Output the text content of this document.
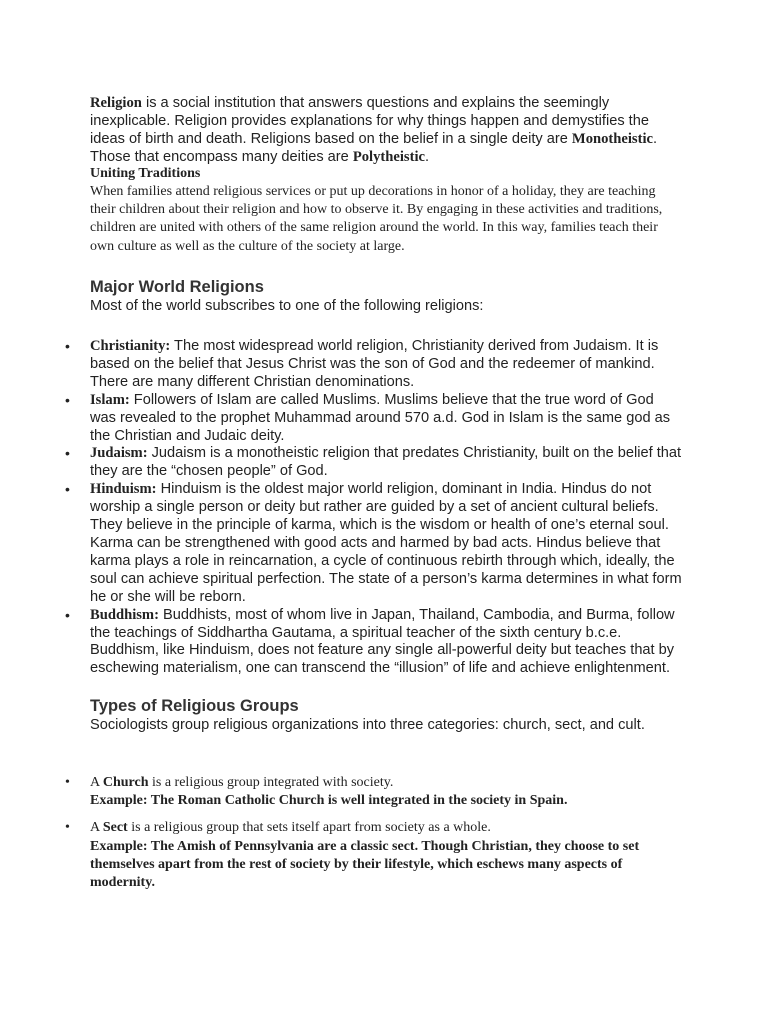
Religion is a social institution that answers questions and explains the seemingly inexplicable. Religion provides explanations for why things happen and demystifies the ideas of birth and death. Religions based on the belief in a single deity are Monotheistic. Those that encompass many deities are Polytheistic.

Uniting Traditions

When families attend religious services or put up decorations in honor of a holiday, they are teaching their children about their religion and how to observe it. By engaging in these activities and traditions, children are united with others of the same religion around the world. In this way, families teach their own culture as well as the culture of the society at large.

Major World Religions

Most of the world subscribes to one of the following religions:

• Christianity: The most widespread world religion, Christianity derived from Judaism. It is based on the belief that Jesus Christ was the son of God and the redeemer of mankind. There are many different Christian denominations.
• Islam: Followers of Islam are called Muslims. Muslims believe that the true word of God was revealed to the prophet Muhammad around 570 a.d. God in Islam is the same god as the Christian and Judaic deity.
• Judaism: Judaism is a monotheistic religion that predates Christianity, built on the belief that they are the “chosen people” of God.
• Hinduism: Hinduism is the oldest major world religion, dominant in India. Hindus do not worship a single person or deity but rather are guided by a set of ancient cultural beliefs. They believe in the principle of karma, which is the wisdom or health of one’s eternal soul. Karma can be strengthened with good acts and harmed by bad acts. Hindus believe that karma plays a role in reincarnation, a cycle of continuous rebirth through which, ideally, the soul can achieve spiritual perfection. The state of a person’s karma determines in what form he or she will be reborn.
• Buddhism: Buddhists, most of whom live in Japan, Thailand, Cambodia, and Burma, follow the teachings of Siddhartha Gautama, a spiritual teacher of the sixth century b.c.e. Buddhism, like Hinduism, does not feature any single all-powerful deity but teaches that by eschewing materialism, one can transcend the “illusion” of life and achieve enlightenment.

Types of Religious Groups

Sociologists group religious organizations into three categories: church, sect, and cult.

• A Church is a religious group integrated with society.
Example: The Roman Catholic Church is well integrated in the society in Spain.
• A Sect is a religious group that sets itself apart from society as a whole.
Example: The Amish of Pennsylvania are a classic sect. Though Christian, they choose to set themselves apart from the rest of society by their lifestyle, which eschews many aspects of modernity.
